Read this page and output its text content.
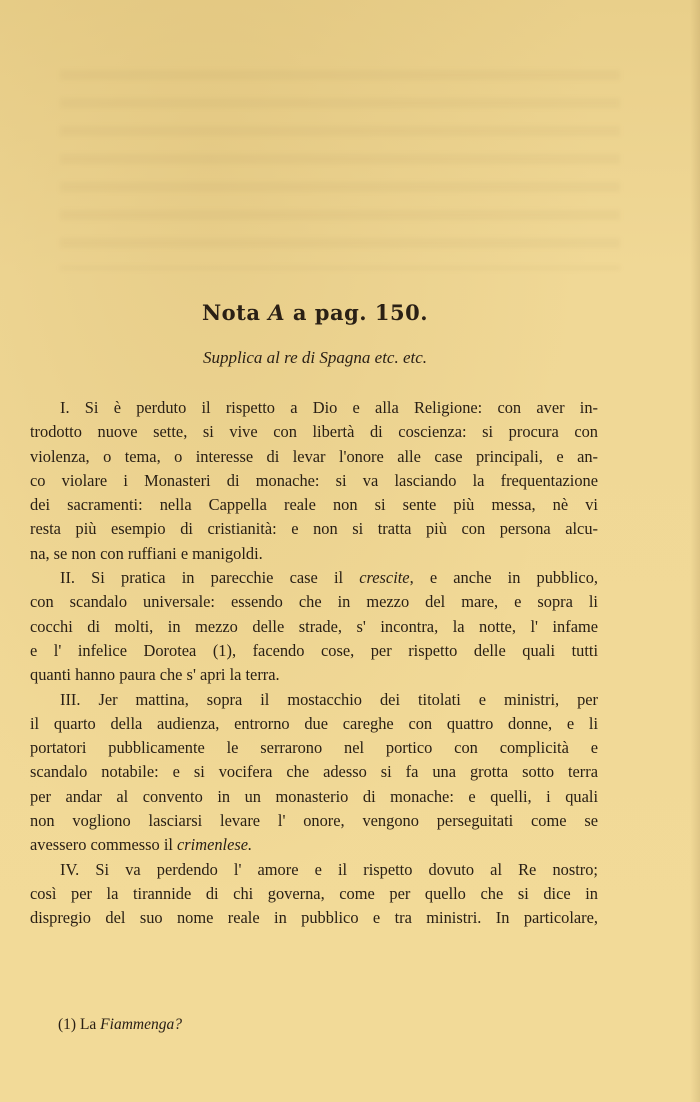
Nota A a pag. 150.
Supplica al re di Spagna etc. etc.
I. Si è perduto il rispetto a Dio e alla Religione: con aver in-
trodotto nuove sette, si vive con libertà di coscienza: si procura con
violenza, o tema, o interesse di levar l'onore alle case principali, e an-
co violare i Monasteri di monache: si va lasciando la frequentazione
dei sacramenti: nella Cappella reale non si sente più messa, nè vi
resta più esempio di cristianità: e non si tratta più con persona alcu-
na, se non con ruffiani e manigoldi.
II. Si pratica in parecchie case il crescite, e anche in pubblico,
con scandalo universale: essendo che in mezzo del mare, e sopra li
cocchi di molti, in mezzo delle strade, s' incontra, la notte, l' infame
e l' infelice Dorotea (1), facendo cose, per rispetto delle quali tutti
quanti hanno paura che s' apri la terra.
III. Jer mattina, sopra il mostacchio dei titolati e ministri, per
il quarto della audienza, entrorno due careghe con quattro donne, e li
portatori pubblicamente le serrarono nel portico con complicità e
scandalo notabile: e si vocifera che adesso si fa una grotta sotto terra
per andar al convento in un monasterio di monache: e quelli, i quali
non vogliono lasciarsi levare l' onore, vengono perseguitati come se
avessero commesso il crimenlese.
IV. Si va perdendo l' amore e il rispetto dovuto al Re nostro;
così per la tirannide di chi governa, come per quello che si dice in
dispregio del suo nome reale in pubblico e tra ministri. In particolare,
(1) La Fiammenga?
